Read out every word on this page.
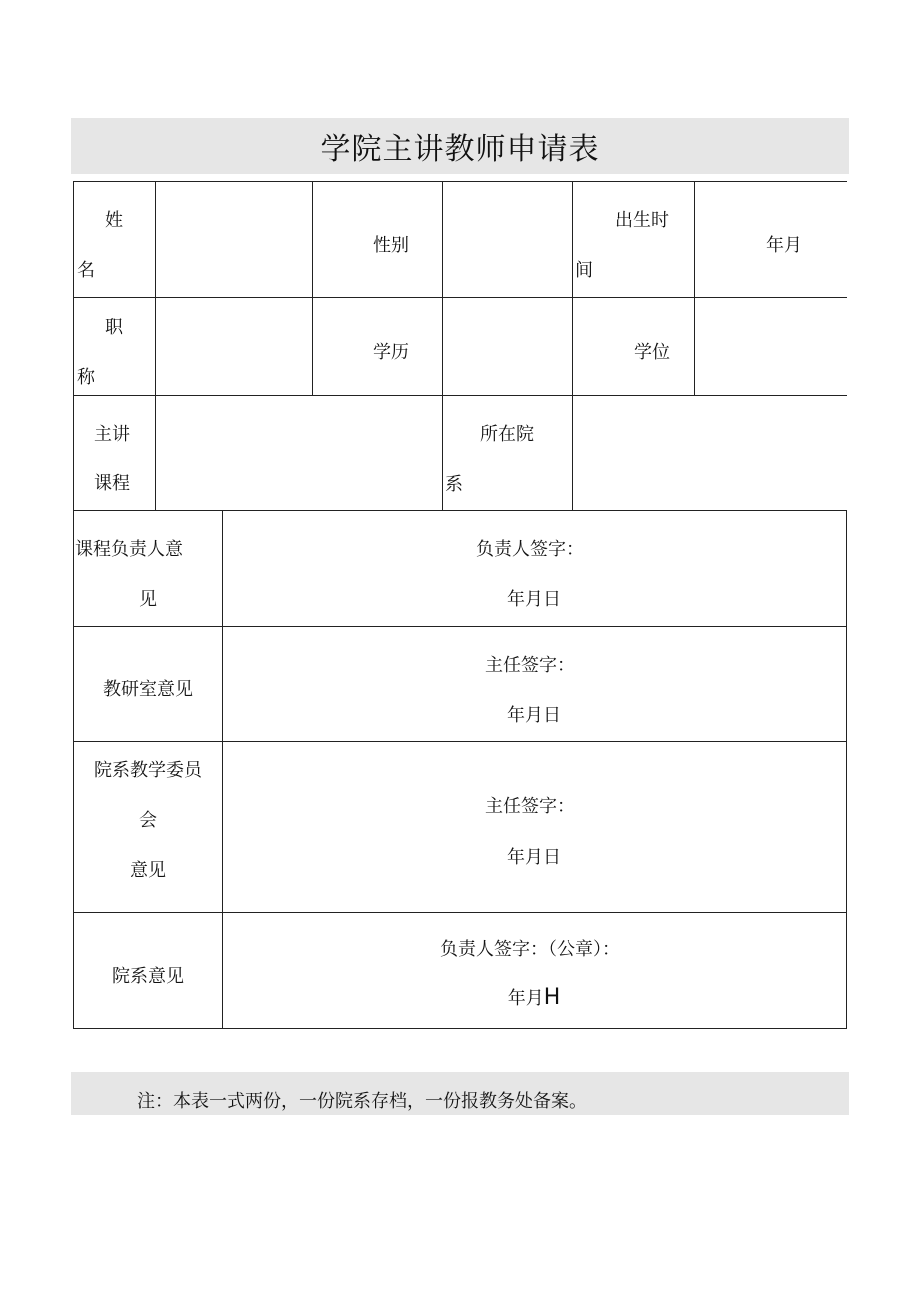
学院主讲教师申请表
姓
名
性别
出生时
间
年月
职
称
学历	学位
主讲
课程
所在院
系
课程负责人意
见
负责人签字：
年月日
教研室意见
主任签字：
年月日
院系教学委员
会
意见
主任签字：
年月日
院系意见
负责人签字：（公章）：
年月H
注：本表一式两份，一份院系存档，一份报教务处备案。
